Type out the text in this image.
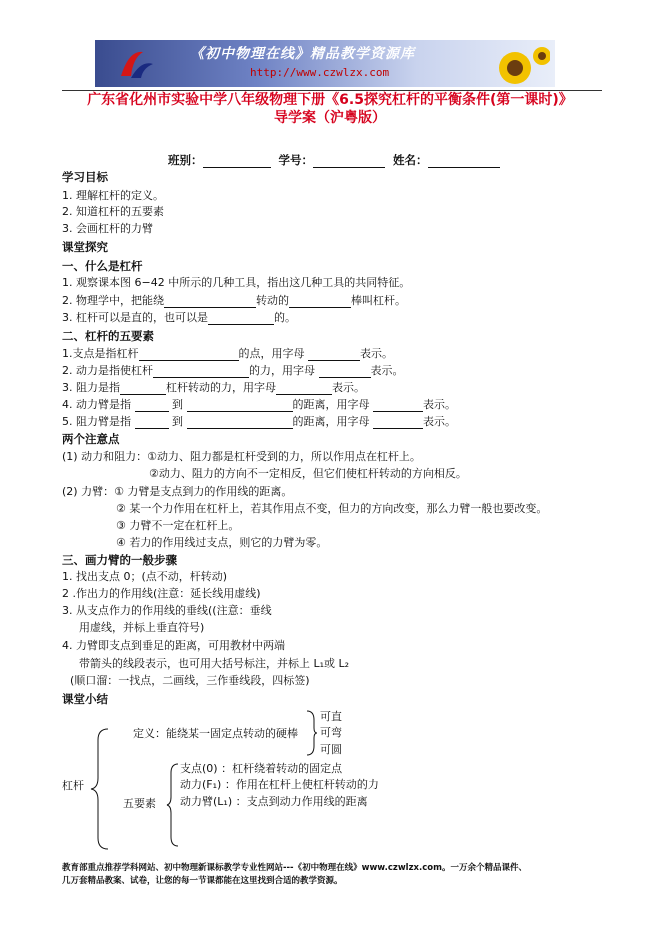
《初中物理在线》精品教学资源库
http://www.czwlzx.com
广东省化州市实验中学八年级物理下册《6.5探究杠杆的平衡条件(第一课时)》
导学案（沪粤版）
班别：	学号：	姓名：
学习目标
1. 理解杠杆的定义。
2. 知道杠杆的五要素
3. 会画杠杆的力臂
课堂探究
一、什么是杠杆
1. 观察课本图 6−42 中所示的几种工具，指出这几种工具的共同特征。
2. 物理学中，把能绕	转动的	棒叫杠杆。
3. 杠杆可以是直的，也可以是	的。
二、杠杆的五要素
1.支点是指杠杆	的点，用字母	表示。
2. 动力是指使杠杆	的力，用字母	表示。
3. 阻力是指	杠杆转动的力，用字母	表示。
4. 动力臂是指	到	的距离，用字母	表示。
5. 阻力臂是指	到	的距离，用字母	表示。
两个注意点
(1) 动力和阻力：①动力、阻力都是杠杆受到的力，所以作用点在杠杆上。
②动力、阻力的方向不一定相反，但它们使杠杆转动的方向相反。
(2) 力臂：① 力臂是支点到力的作用线的距离。
② 某一个力作用在杠杆上，若其作用点不变，但力的方向改变，那么力臂一般也要改变。
③ 力臂不一定在杠杆上。
④ 若力的作用线过支点，则它的力臂为零。
三、画力臂的一般步骤
1. 找出支点 0；(点不动，杆转动)
2 .作出力的作用线(注意：延长线用虚线)
3. 从支点作力的作用线的垂线((注意：垂线
用虚线，并标上垂直符号)
4. 力臂即支点到垂足的距离，可用教材中两端
带箭头的线段表示，也可用大括号标注，并标上 L₁或 L₂
(顺口溜：一找点，二画线，三作垂线段，四标签)
课堂小结
杠杆
定义：能绕某一固定点转动的硬棒
可直
可弯
可圆
五要素
支点(0) ：杠杆绕着转动的固定点
动力(F₁) ：作用在杠杆上使杠杆转动的力
动力臂(L₁) ：支点到动力作用线的距离
教育部重点推荐学科网站、初中物理新课标教学专业性网站---《初中物理在线》www.czwlzx.com。一万余个精品课件、
几万套精品教案、试卷，让您的每一节课都能在这里找到合适的教学资源。
